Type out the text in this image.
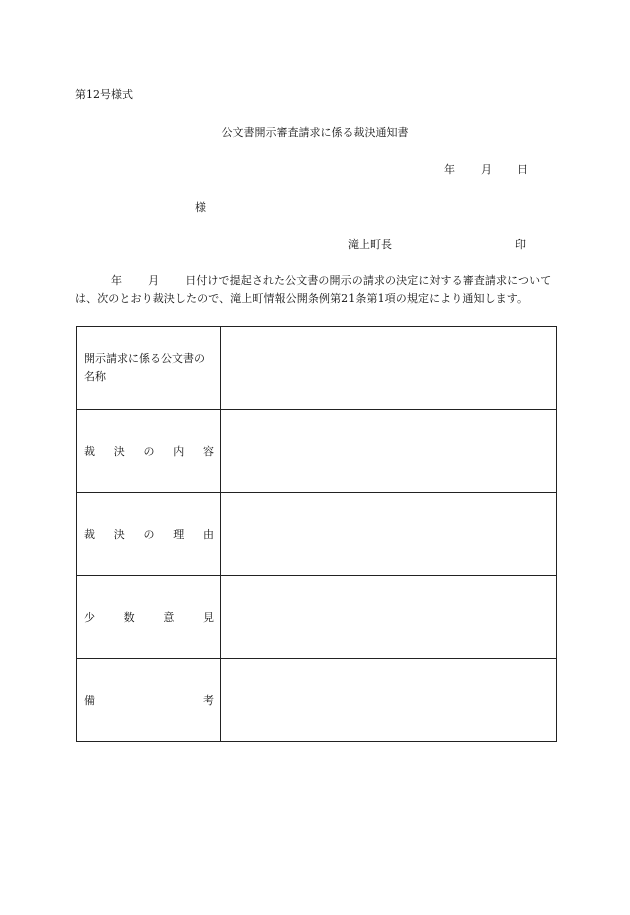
第12号様式
公文書開示審査請求に係る裁決通知書
年 月 日
様
滝上町長	印
年 月 日付けで提起された公文書の開示の請求の決定に対する審査請求については、次のとおり裁決したので、滝上町情報公開条例第21条第1項の規定により通知します。
開示請求に係る公文書の名称	

裁 決 の 内 容	

裁 決 の 理 由	

少 数 意 見	

備 考	
